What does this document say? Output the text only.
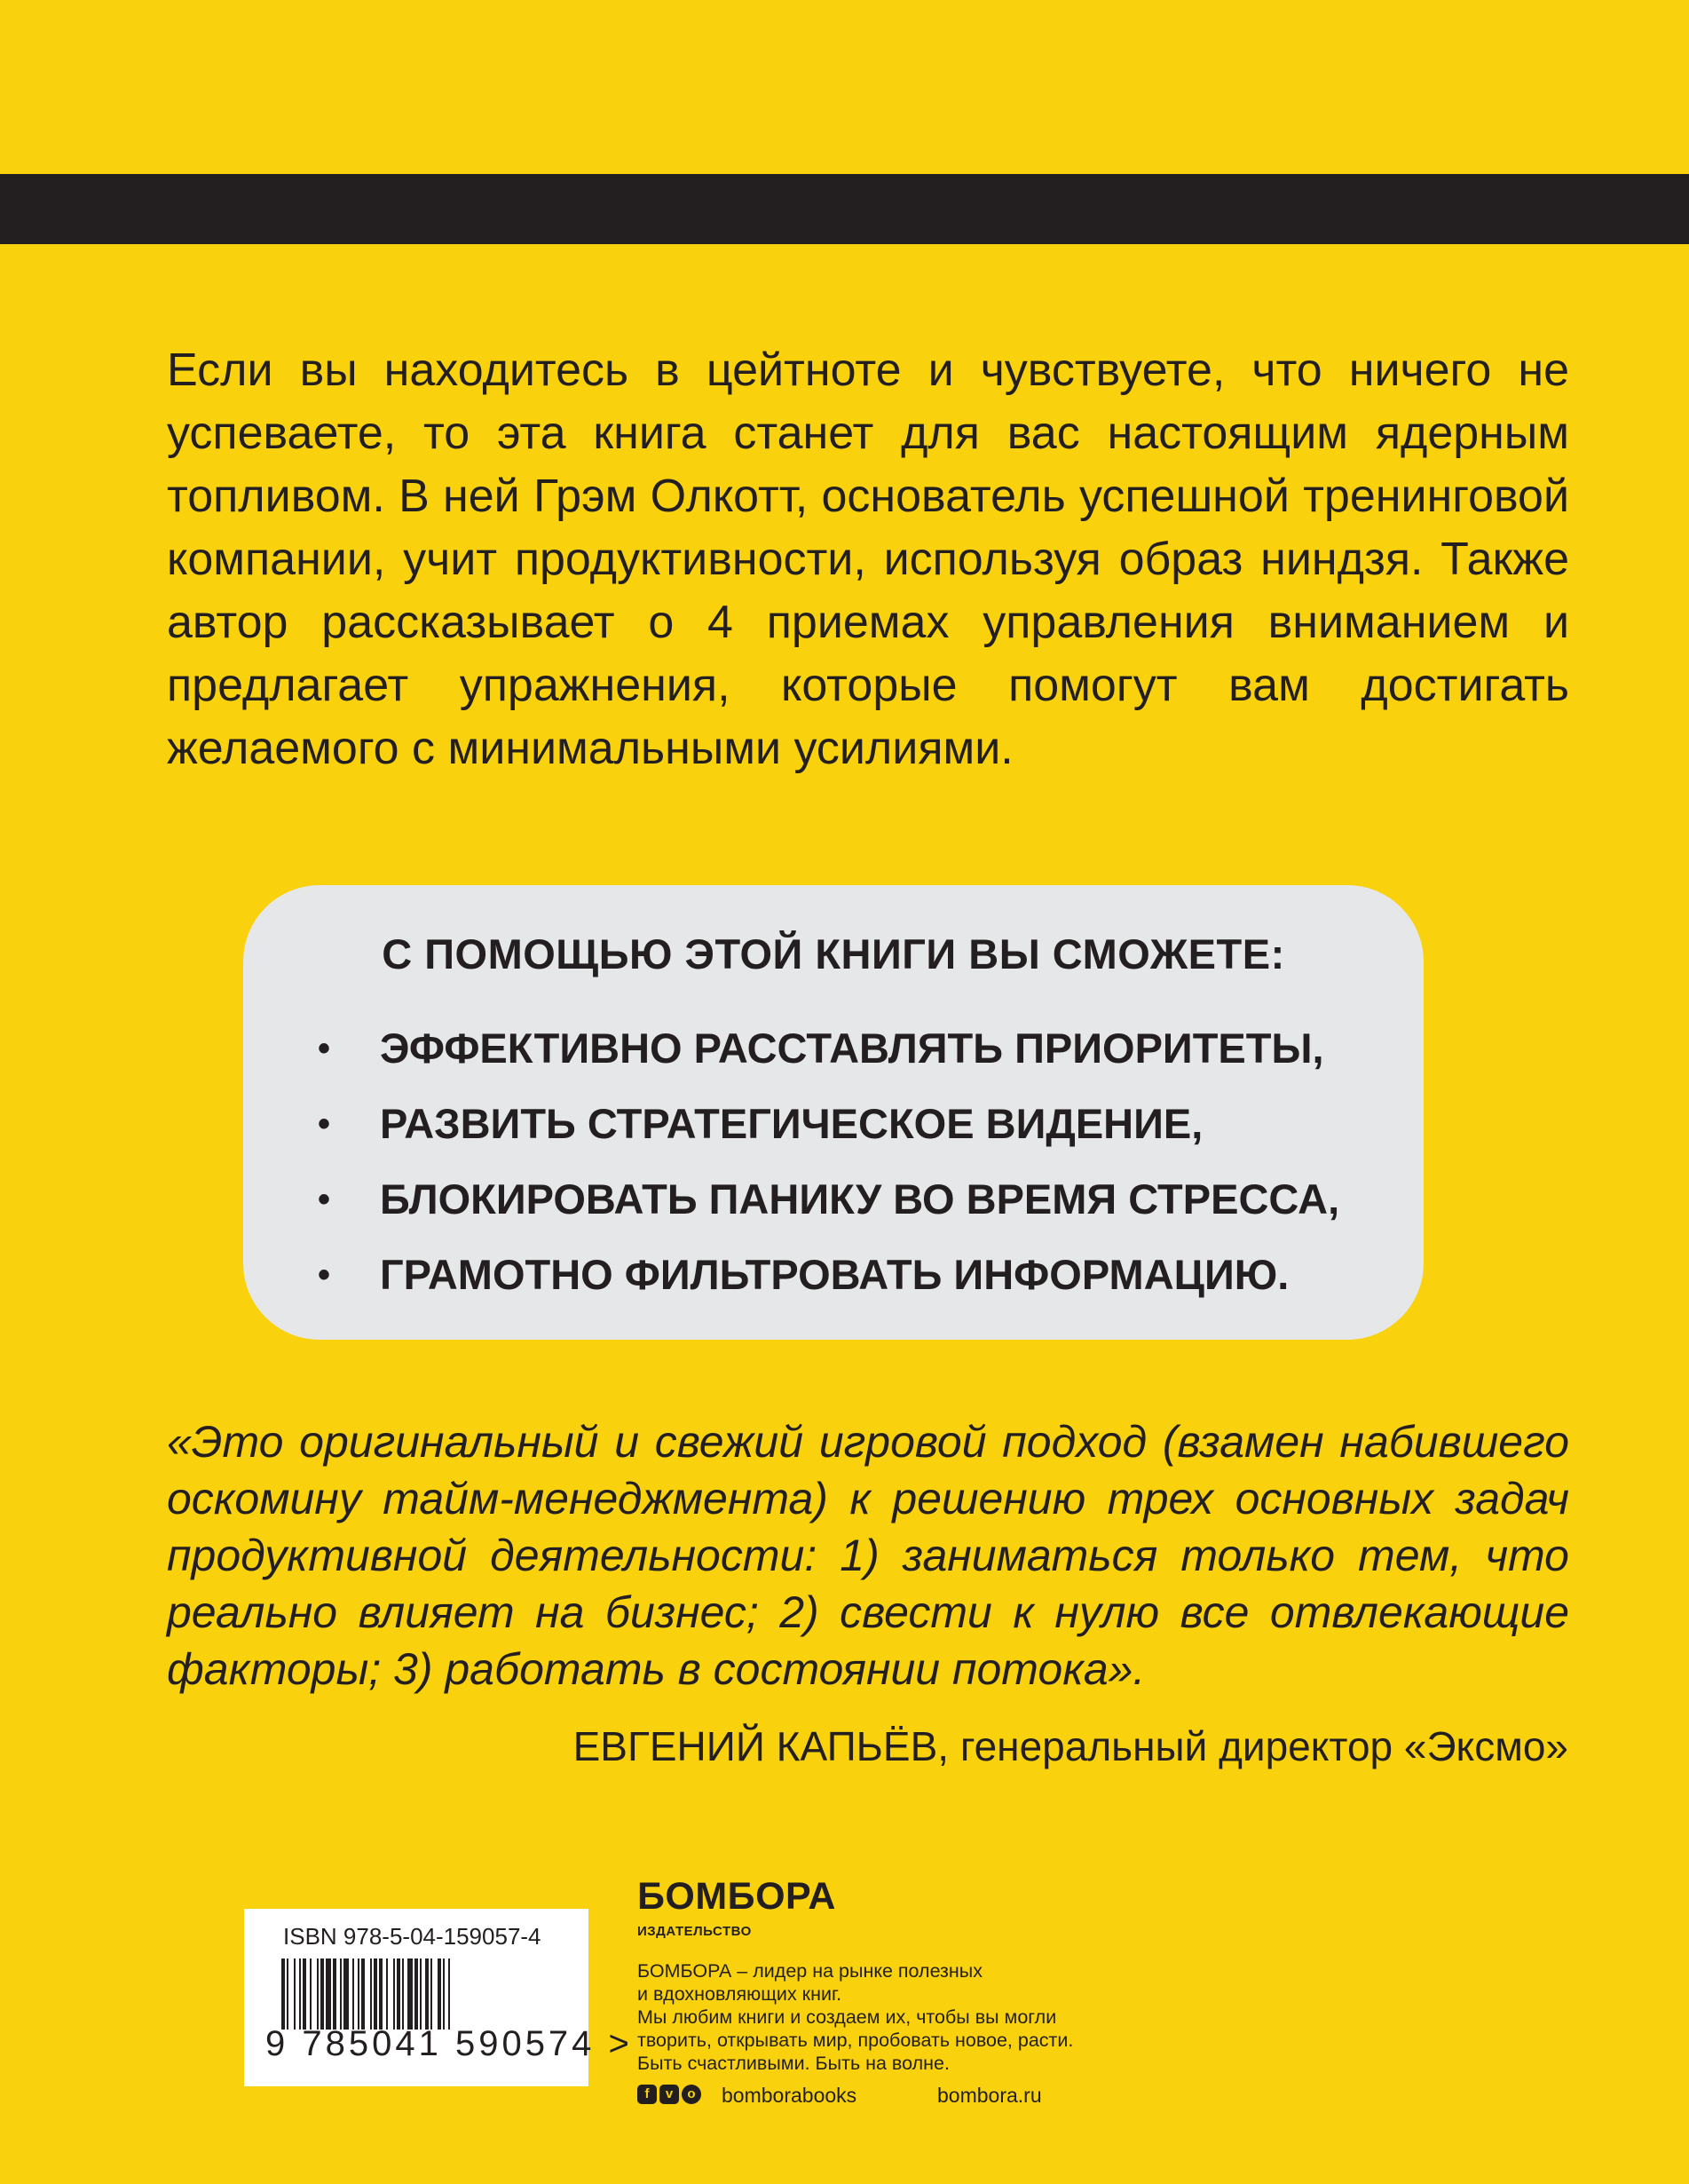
Если вы находитесь в цейтноте и чувствуете, что ничего не успеваете, то эта книга станет для вас настоящим ядерным топливом. В ней Грэм Олкотт, основатель успешной тренинговой компании, учит продуктивности, используя образ ниндзя. Также автор рассказывает о 4 приемах управления вниманием и предлагает упражнения, которые помогут вам достигать желаемого с минимальными усилиями.

С ПОМОЩЬЮ ЭТОЙ КНИГИ ВЫ СМОЖЕТЕ:
• ЭФФЕКТИВНО РАССТАВЛЯТЬ ПРИОРИТЕТЫ,
• РАЗВИТЬ СТРАТЕГИЧЕСКОЕ ВИДЕНИЕ,
• БЛОКИРОВАТЬ ПАНИКУ ВО ВРЕМЯ СТРЕССА,
• ГРАМОТНО ФИЛЬТРОВАТЬ ИНФОРМАЦИЮ.

«Это оригинальный и свежий игровой подход (взамен набившего оскомину тайм-менеджмента) к решению трех основных задач продуктивной деятельности: 1) заниматься только тем, что реально влияет на бизнес; 2) свести к нулю все отвлекающие факторы; 3) работать в состоянии потока».

ЕВГЕНИЙ КАПЬЁВ, генеральный директор «Эксмо»
ISBN 978-5-04-159057-4
9 785041 590574 >
БОМБОРА
ИЗДАТЕЛЬСТВО
БОМБОРА – лидер на рынке полезных
и вдохновляющих книг.
Мы любим книги и создаем их, чтобы вы могли
творить, открывать мир, пробовать новое, расти.
Быть счастливыми. Быть на волне.
f v o	bomborabooks	bombora.ru
